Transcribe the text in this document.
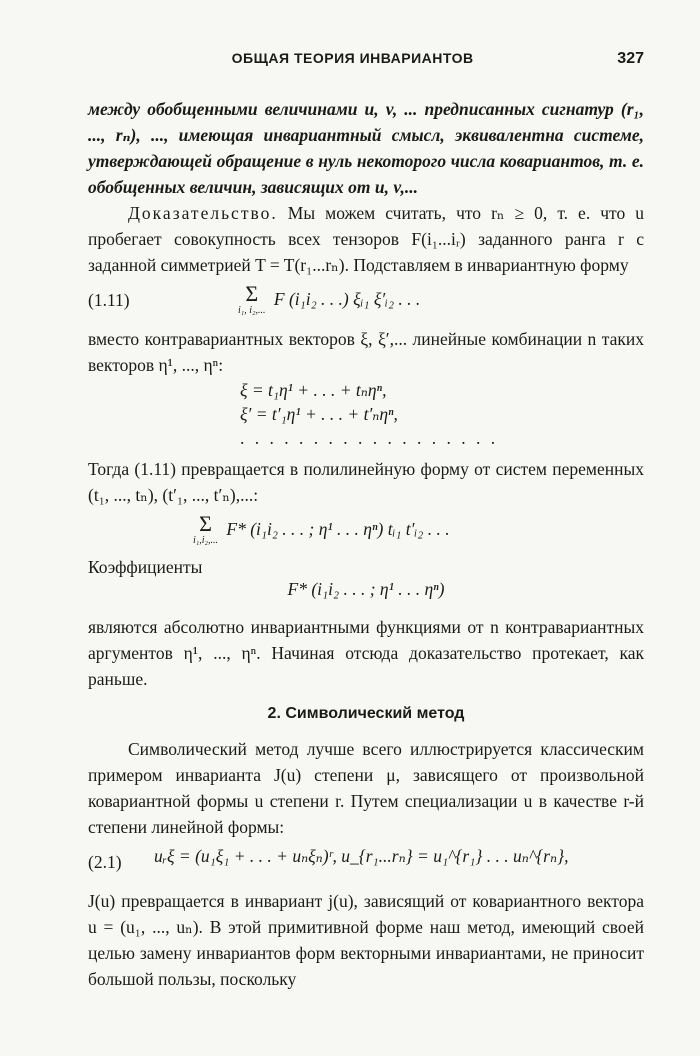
ОБЩАЯ ТЕОРИЯ ИНВАРИАНТОВ	327

между обобщенными величинами u, v, ... предписанных сигнатур (r₁, ..., rₙ), ..., имеющая инвариантный смысл, эквивалентна системе, утверждающей обращение в нуль некоторого числа ковариантов, т. е. обобщенных величин, зависящих от u, v,...

Доказательство. Мы можем считать, что rₙ ≥ 0, т. е. что u пробегает совокупность всех тензоров F(i₁...iᵣ) заданного ранга r с заданной симметрией T = T(r₁...rₙ). Подставляем в инвариантную форму

(1.11)	Σ
i₁, i₂,...
F (i₁i₂ . . .) ξᵢ₁ ξ′ᵢ₂ . . .

вместо контравариантных векторов ξ, ξ′,... линейные комбинации n таких векторов η¹, ..., ηⁿ:

ξ = t₁η¹ + . . . + tₙηⁿ,
ξ′ = t′₁η¹ + . . . + t′ₙηⁿ,
. . . . . . . . . . . . . . . . . .

Тогда (1.11) превращается в полилинейную форму от систем переменных (t₁, ..., tₙ), (t′₁, ..., t′ₙ),...:

Σ
i₁,i₂,...
F* (i₁i₂ . . . ; η¹ . . . ηⁿ) tᵢ₁ t′ᵢ₂ . . .

Коэффициенты

F* (i₁i₂ . . . ; η¹ . . . ηⁿ)

являются абсолютно инвариантными функциями от n контравариантных аргументов η¹, ..., ηⁿ. Начиная отсюда доказательство протекает, как раньше.

2. Символический метод

Символический метод лучше всего иллюстрируется классическим примером инварианта J(u) степени μ, зависящего от произвольной ковариантной формы u степени r. Путем специализации u в качестве r-й степени линейной формы:

(2.1) uᵣξ = (u₁ξ₁ + . . . + uₙξₙ)ʳ, u_{r₁...rₙ} = u₁^{r₁} . . . uₙ^{rₙ},

J(u) превращается в инвариант j(u), зависящий от ковариантного вектора u = (u₁, ..., uₙ). В этой примитивной форме наш метод, имеющий своей целью замену инвариантов форм векторными инвариантами, не приносит большой пользы, поскольку
